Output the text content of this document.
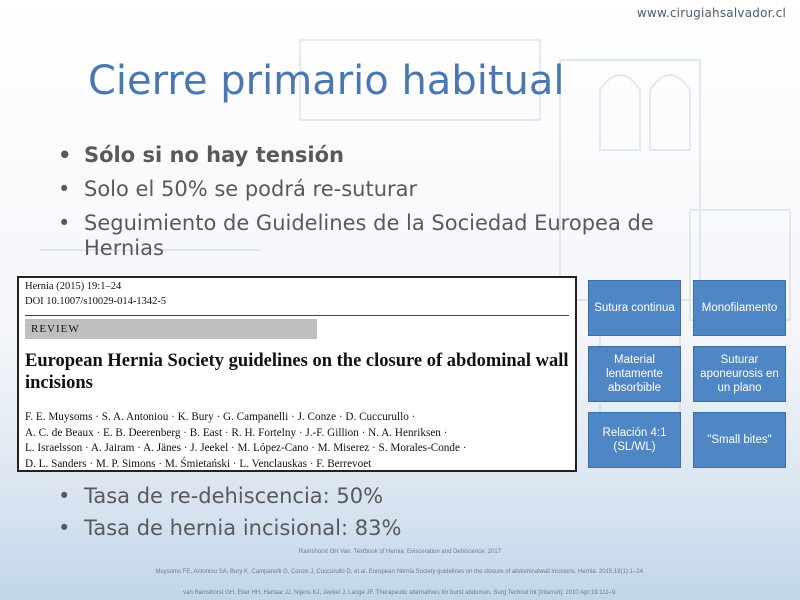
www.cirugiahsalvador.cl
Cierre primario habitual
• Sólo si no hay tensión
• Solo el 50% se podrá re-suturar
• Seguimiento de Guidelines de la Sociedad Europea de Hernias
Hernia (2015) 19:1–24
DOI 10.1007/s10029-014-1342-5
REVIEW
European Hernia Society guidelines on the closure of abdominal wall incisions
F. E. Muysoms · S. A. Antoniou · K. Bury · G. Campanelli · J. Conze · D. Cuccurullo ·
A. C. de Beaux · E. B. Deerenberg · B. East · R. H. Fortelny · J.-F. Gillion · N. A. Henriksen ·
L. Israelsson · A. Jairam · A. Jänes · J. Jeekel · M. López-Cano · M. Miserez · S. Morales-Conde ·
D. L. Sanders · M. P. Simons · M. Śmietański · L. Venclauskas · F. Berrevoet
Sutura continua	Monofilamento
Material lentamente absorbible
Suturar aponeurosis en un plano
Relación 4:1 (SL/WL)
"Small bites"
• Tasa de re-dehiscencia: 50%
• Tasa de hernia incisional: 83%
Ramshorst GH Van. Textbook of Hernia. Evisceration and Dehiscence. 2017
Muysoms FE, Antoniou SA, Bury K, Campanelli G, Conze J, Cuccurullo D, et al. European Hernia Society guidelines on the closure of abdominalwall incisions. Hernia. 2015;19(1):1–24.
van Ramshorst GH, Eker HH, Harlaar JJ, Nijens KJ, Jeekel J, Lange JF. Therapeutic alternatives for burst abdomen. Surg Technol Int [Internet]. 2010 Apr;19:111–9.
